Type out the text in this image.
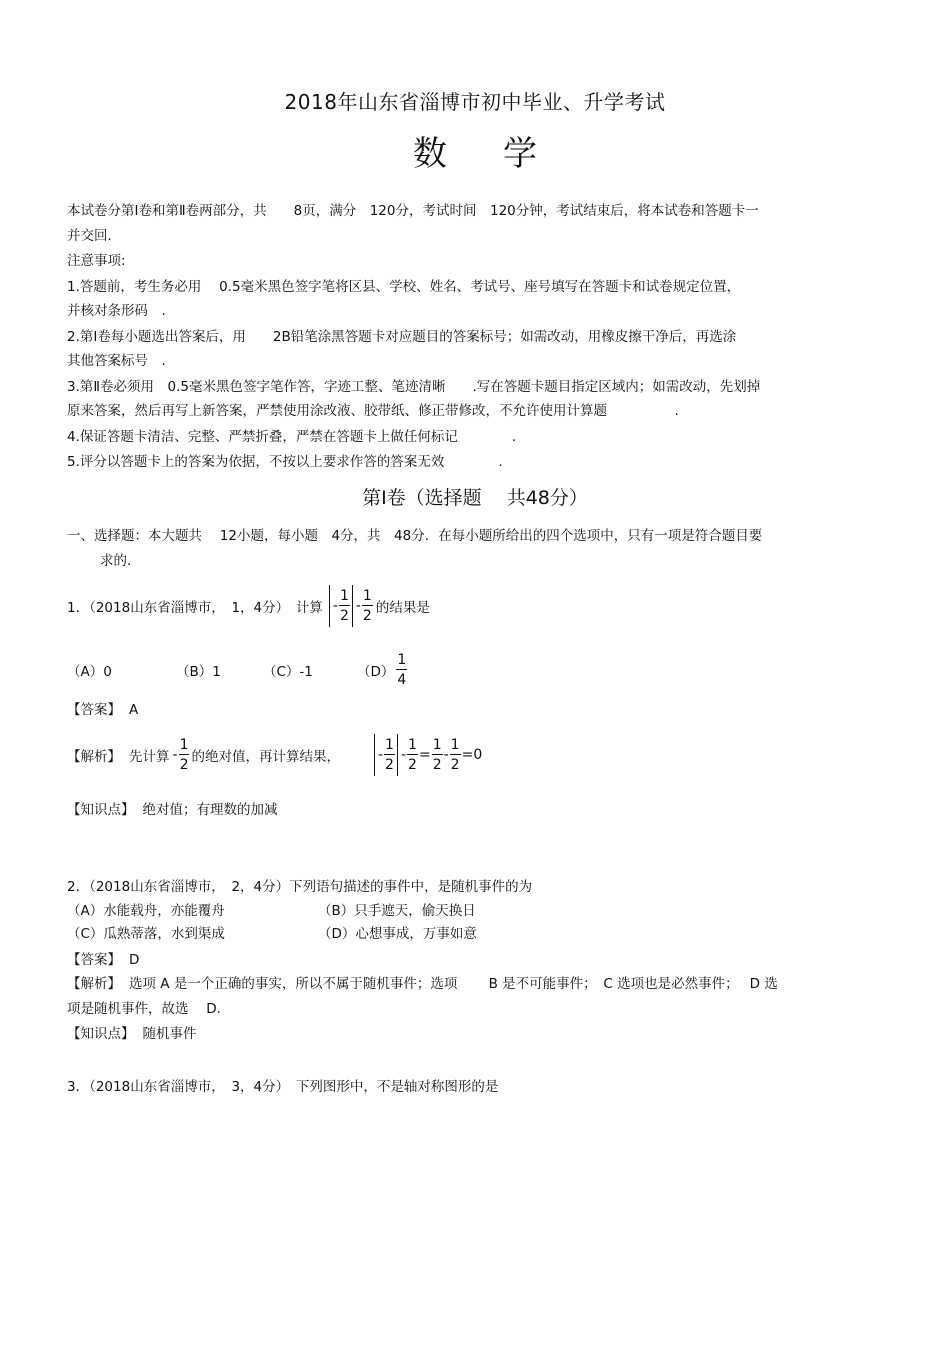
2018年山东省淄博市初中毕业、升学考试
数 学
本试卷分第Ⅰ卷和第Ⅱ卷两部分，共　　8页，满分　120分，考试时间　120分钟，考试结束后，将本试卷和答题卡一
并交回．
注意事项:
1.答题前，考生务必用　 0.5毫米黑色签字笔将区县、学校、姓名、考试号、座号填写在答题卡和试卷规定位置，
并核对条形码　.
2.第Ⅰ卷每小题选出答案后，用　　2B铅笔涂黑答题卡对应题目的答案标号；如需改动，用橡皮擦干净后，再选涂
其他答案标号　.
3.第Ⅱ卷必须用　0.5毫米黑色签字笔作答，字迹工整、笔迹清晰　　.写在答题卡题目指定区域内；如需改动，先划掉
原来答案，然后再写上新答案，严禁使用涂改液、胶带纸、修正带修改，不允许使用计算题　　　　　.
4.保证答题卡清洁、完整、严禁折叠，严禁在答题卡上做任何标记　　　　.
5.评分以答题卡上的答案为依据，不按以上要求作答的答案无效　　　　.
第Ⅰ卷（选择题　 共48分）
一、选择题：本大题共　 12小题，每小题　4分，共　48分．在每小题所给出的四个选项中，只有一项是符合题目要
求的．
1．（2018山东省淄博市，　1，4分）　计算 - $\frac{1}{2} - \frac{1}{2}$ 的结果是
（A）0	（B）1	（C）-1	$(D) \frac{1}{4}$
【答案】 A
【解析】 先计算 - $\frac{1}{2}$ 的绝对值，再计算结果，	- $\frac{1}{2} - \frac{1}{2} = \frac{1}{2} - \frac{1}{2} =0$
【知识点】 绝对值；有理数的加减
2．（2018山东省淄博市，　2，4分）下列语句描述的事件中，是随机事件的为
（A）水能载舟，亦能覆舟	（B）只手遮天，偷天换日
（C）瓜熟蒂落，水到渠成	（D）心想事成，万事如意
【答案】 D
【解析】 选项 A 是一个正确的事实，所以不属于随机事件；选项　　 B 是不可能事件；　C 选项也是必然事件；　 D 选
项是随机事件，故选　 D.
【知识点】 随机事件
3．（2018山东省淄博市，　3，4分）　下列图形中，不是轴对称图形的是
